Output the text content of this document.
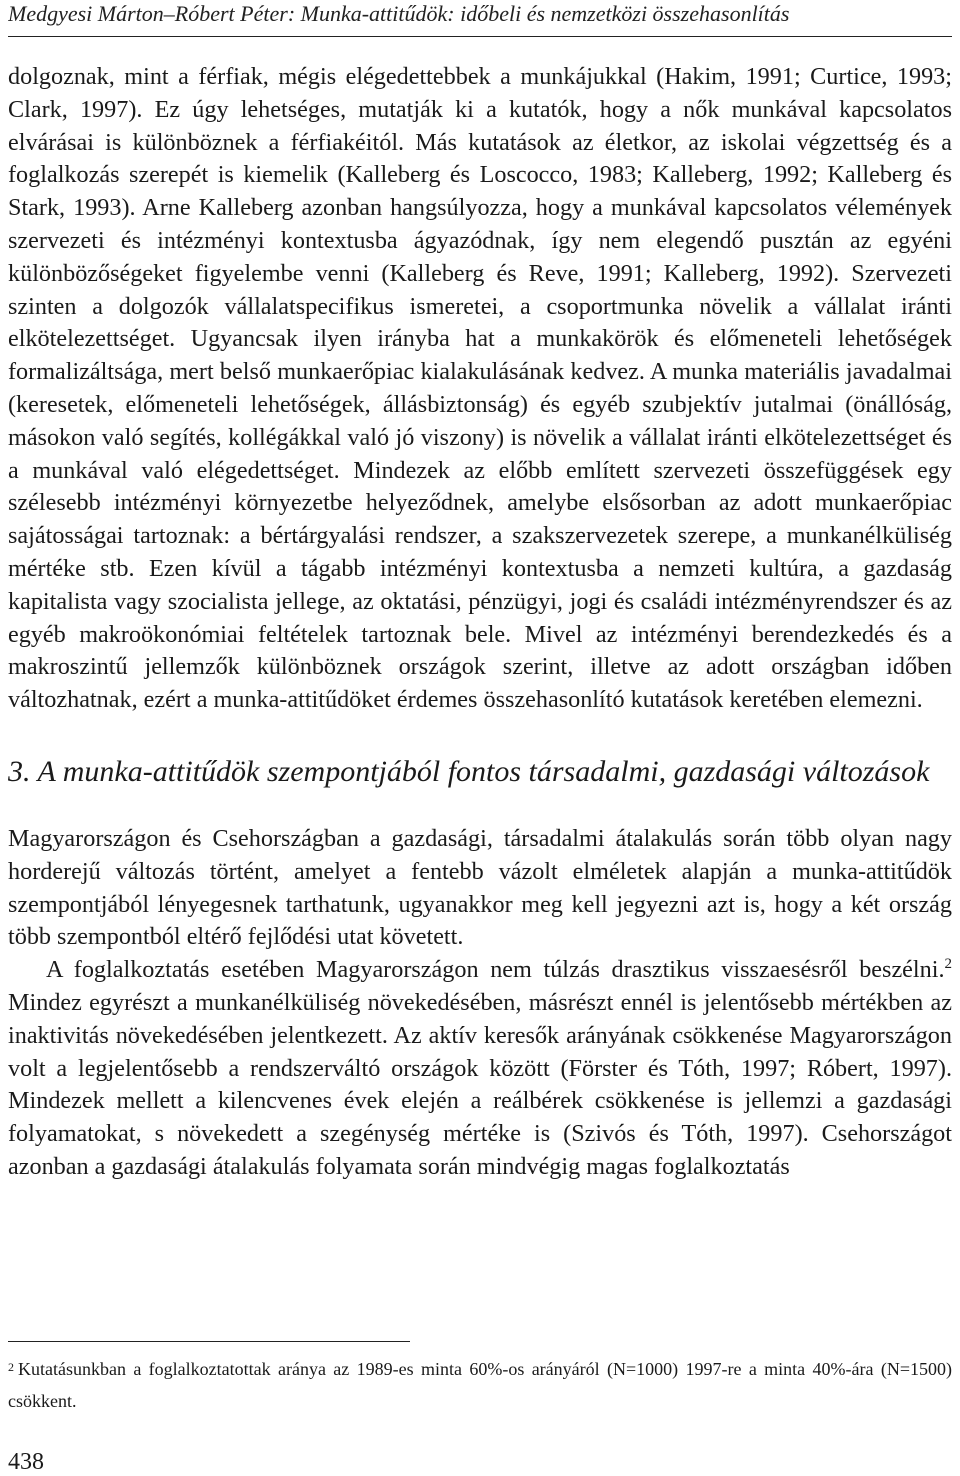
Medgyesi Márton–Róbert Péter: Munka-attitűdök: időbeli és nemzetközi összehasonlítás

dolgoznak, mint a férfiak, mégis elégedettebbek a munkájukkal (Hakim, 1991; Curtice, 1993; Clark, 1997). Ez úgy lehetséges, mutatják ki a kutatók, hogy a nők munkával kapcsolatos elvárásai is különböznek a férfiakéitól. Más kutatások az életkor, az iskolai végzettség és a foglalkozás szerepét is kiemelik (Kalleberg és Loscocco, 1983; Kalleberg, 1992; Kalleberg és Stark, 1993). Arne Kalleberg azonban hangsúlyozza, hogy a munkával kapcsolatos vélemények szervezeti és intézményi kontextusba ágyazódnak, így nem elegendő pusztán az egyéni különbözőségeket figyelembe venni (Kalleberg és Reve, 1991; Kalleberg, 1992). Szervezeti szinten a dolgozók vállalatspecifikus ismeretei, a csoportmunka növelik a vállalat iránti elkötelezettséget. Ugyancsak ilyen irányba hat a munkakörök és előmeneteli lehetőségek formalizáltsága, mert belső munkaerőpiac kialakulásának kedvez. A munka materiális javadalmai (keresetek, előmeneteli lehetőségek, állásbiztonság) és egyéb szubjektív jutalmai (önállóság, másokon való segítés, kollégákkal való jó viszony) is növelik a vállalat iránti elkötelezettséget és a munkával való elégedettséget. Mindezek az előbb említett szervezeti összefüggések egy szélesebb intézményi környezetbe helyeződnek, amelybe elsősorban az adott munkaerőpiac sajátosságai tartoznak: a bértárgyalási rendszer, a szakszervezetek szerepe, a munkanélküliség mértéke stb. Ezen kívül a tágabb intézményi kontextusba a nemzeti kultúra, a gazdaság kapitalista vagy szocialista jellege, az oktatási, pénzügyi, jogi és családi intézményrendszer és az egyéb makroökonómiai feltételek tartoznak bele. Mivel az intézményi berendezkedés és a makroszintű jellemzők különböznek országok szerint, illetve az adott országban időben változhatnak, ezért a munka-attitűdöket érdemes összehasonlító kutatások keretében elemezni.

3. A munka-attitűdök szempontjából fontos társadalmi, gazdasági változások

Magyarországon és Csehországban a gazdasági, társadalmi átalakulás során több olyan nagy horderejű változás történt, amelyet a fentebb vázolt elméletek alapján a munka-attitűdök szempontjából lényegesnek tarthatunk, ugyanakkor meg kell jegyezni azt is, hogy a két ország több szempontból eltérő fejlődési utat követett.

A foglalkoztatás esetében Magyarországon nem túlzás drasztikus visszaesésről beszélni.$^2$ Mindez egyrészt a munkanélküliség növekedésében, másrészt ennél is jelentősebb mértékben az inaktivitás növekedésében jelentkezett. Az aktív keresők arányának csökkenése Magyarországon volt a legjelentősebb a rendszerváltó országok között (Förster és Tóth, 1997; Róbert, 1997). Mindezek mellett a kilencvenes évek elején a reálbérek csökkenése is jellemzi a gazdasági folyamatokat, s növekedett a szegénység mértéke is (Szivós és Tóth, 1997). Csehországot azonban a gazdasági átalakulás folyamata során mindvégig magas foglalkoztatás

$^2$ Kutatásunkban a foglalkoztatottak aránya az 1989-es minta 60%-os arányáról (N=1000) 1997-re a minta 40%-ára (N=1500) csökkent.
438
